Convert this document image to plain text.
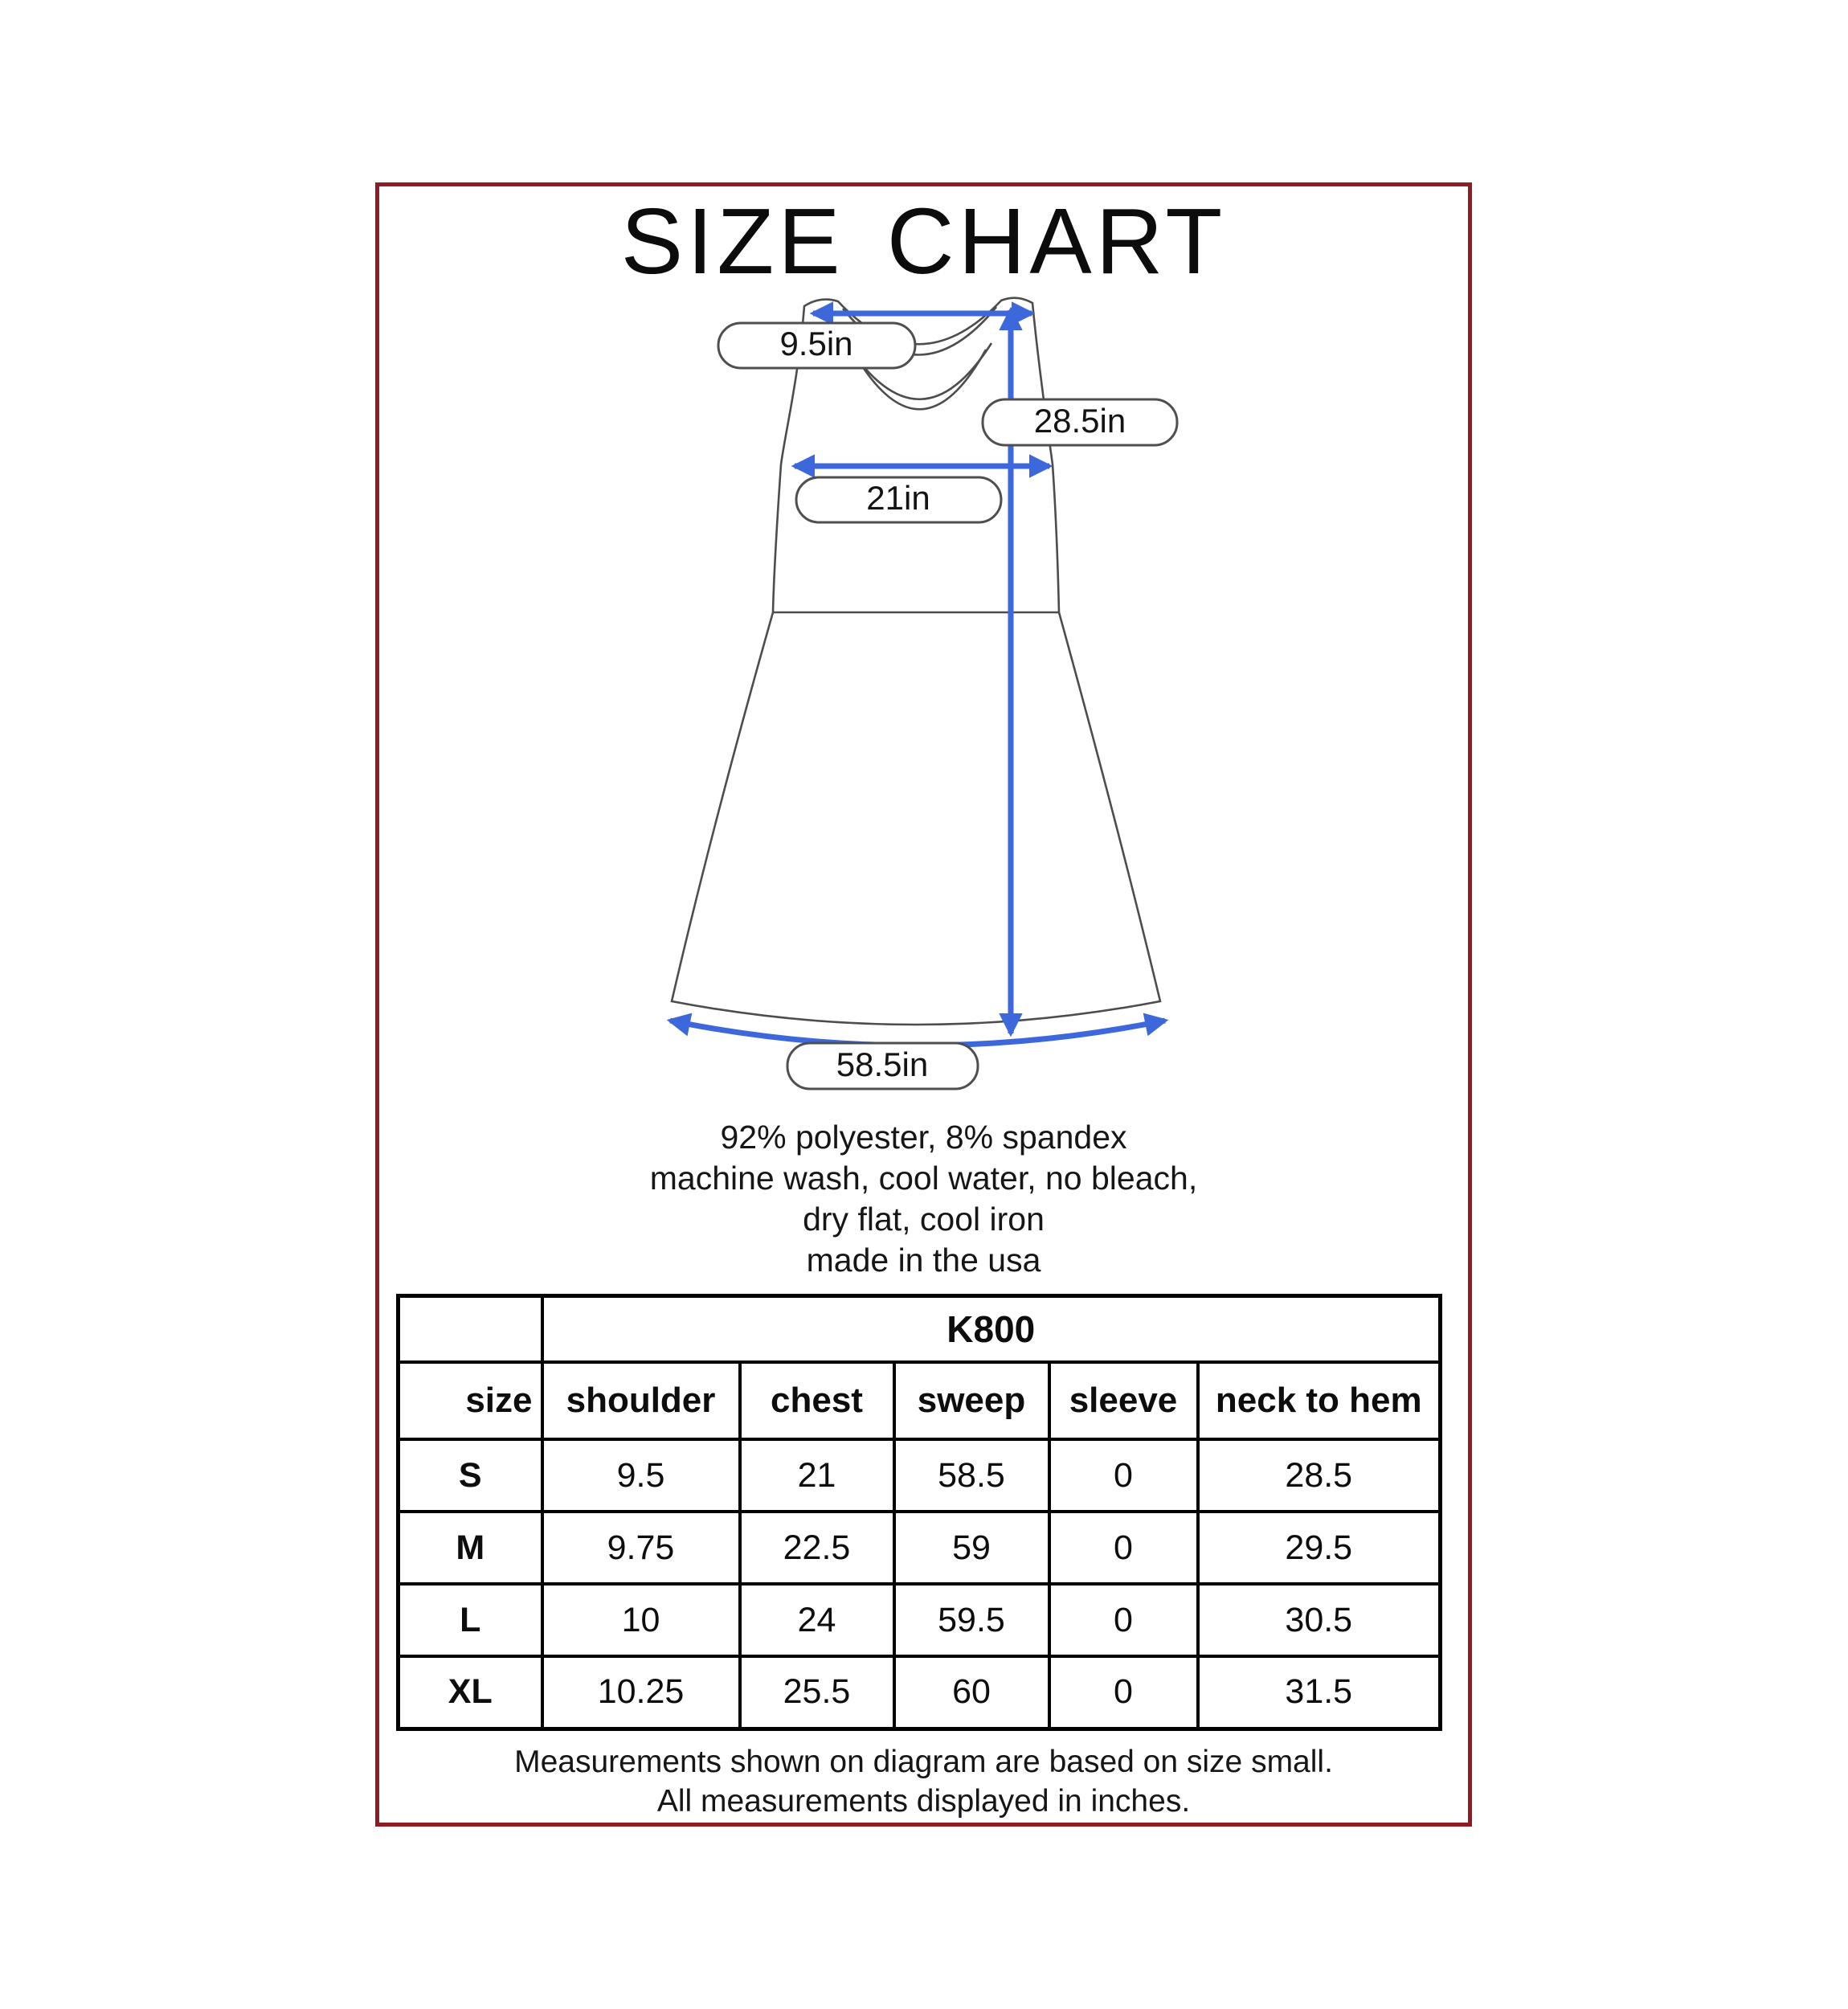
SIZE CHART
9.5in
28.5in
21in
58.5in
92% polyester, 8% spandex
machine wash, cool water, no bleach,
dry flat, cool iron
made in the usa
	K800				
size	shoulder	chest	sweep	sleeve	neck to hem
S	9.5	21	58.5	0	28.5
M	9.75	22.5	59	0	29.5
L	10	24	59.5	0	30.5
XL	10.25	25.5	60	0	31.5
Measurements shown on diagram are based on size small.
All measurements displayed in inches.
